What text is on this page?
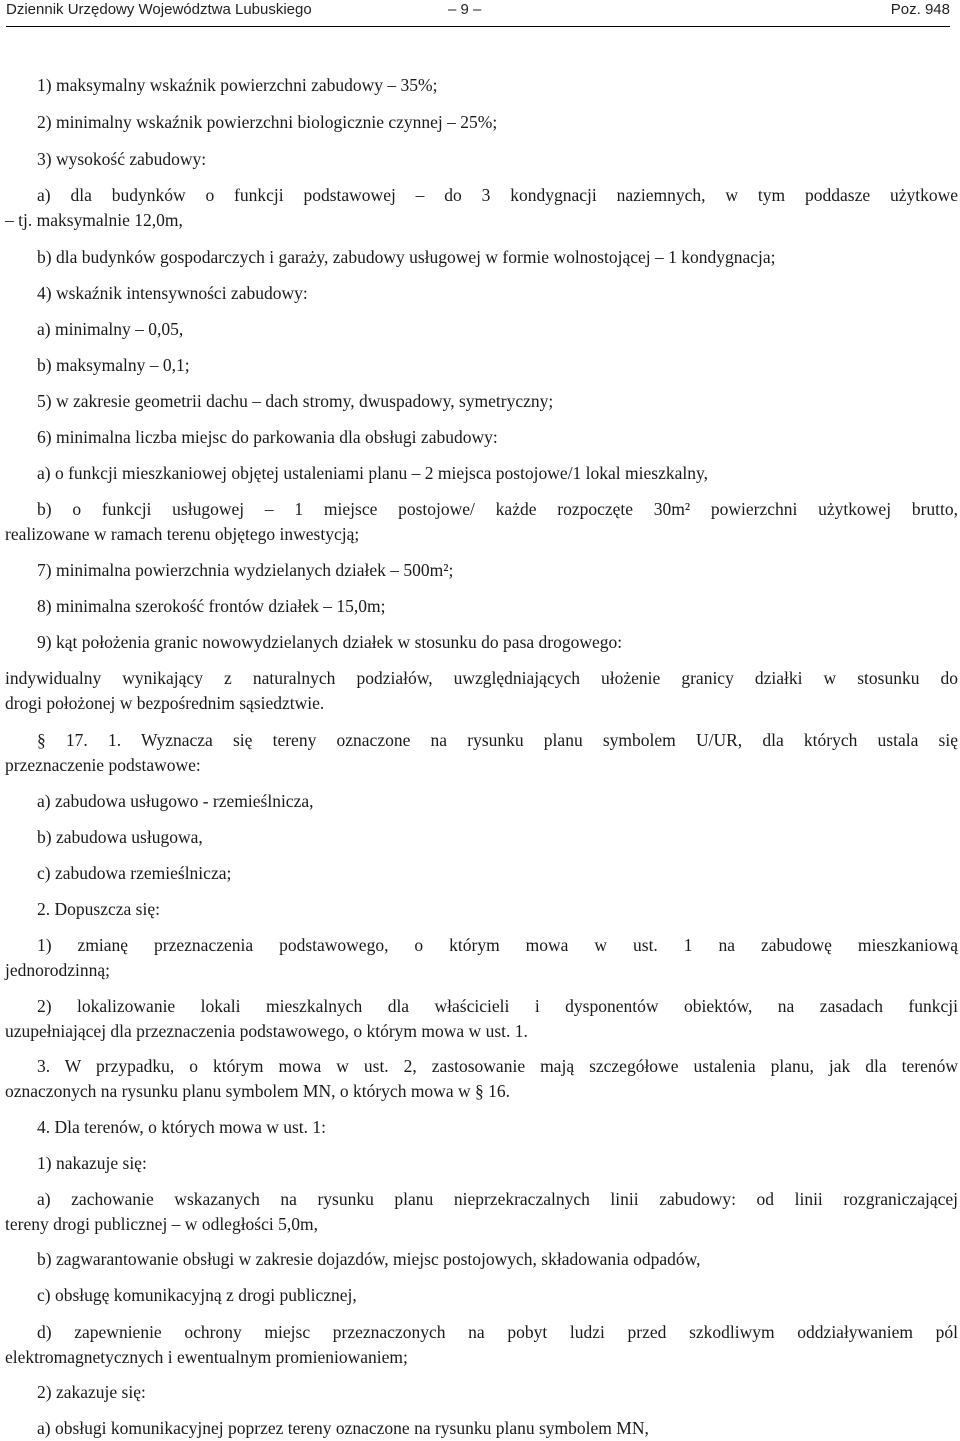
Dziennik Urzędowy Województwa Lubuskiego	– 9 –	Poz. 948

1) maksymalny wskaźnik powierzchni zabudowy – 35%;

2) minimalny wskaźnik powierzchni biologicznie czynnej – 25%;

3) wysokość zabudowy:

a) dla budynków o funkcji podstawowej – do 3 kondygnacji naziemnych, w tym poddasze użytkowe
– tj. maksymalnie 12,0m,

b) dla budynków gospodarczych i garaży, zabudowy usługowej w formie wolnostojącej – 1 kondygnacja;

4) wskaźnik intensywności zabudowy:

a) minimalny – 0,05,

b) maksymalny – 0,1;

5) w zakresie geometrii dachu – dach stromy, dwuspadowy, symetryczny;

6) minimalna liczba miejsc do parkowania dla obsługi zabudowy:

a) o funkcji mieszkaniowej objętej ustaleniami planu – 2 miejsca postojowe/1 lokal mieszkalny,

b) o funkcji usługowej – 1 miejsce postojowe/ każde rozpoczęte 30m² powierzchni użytkowej brutto,
realizowane w ramach terenu objętego inwestycją;

7) minimalna powierzchnia wydzielanych działek – 500m²;

8) minimalna szerokość frontów działek – 15,0m;

9) kąt położenia granic nowowydzielanych działek w stosunku do pasa drogowego:

indywidualny wynikający z naturalnych podziałów, uwzględniających ułożenie granicy działki w stosunku do
drogi położonej w bezpośrednim sąsiedztwie.
§ 17. 1. Wyznacza się tereny oznaczone na rysunku planu symbolem U/UR, dla których ustala się
przeznaczenie podstawowe:

a) zabudowa usługowo - rzemieślnicza,

b) zabudowa usługowa,

c) zabudowa rzemieślnicza;

2. Dopuszcza się:

1) zmianę przeznaczenia podstawowego, o którym mowa w ust. 1 na zabudowę mieszkaniową
jednorodzinną;
2) lokalizowanie lokali mieszkalnych dla właścicieli i dysponentów obiektów, na zasadach funkcji
uzupełniającej dla przeznaczenia podstawowego, o którym mowa w ust. 1.
3. W przypadku, o którym mowa w ust. 2, zastosowanie mają szczegółowe ustalenia planu, jak dla terenów
oznaczonych na rysunku planu symbolem MN, o których mowa w § 16.

4. Dla terenów, o których mowa w ust. 1:

1) nakazuje się:

a) zachowanie wskazanych na rysunku planu nieprzekraczalnych linii zabudowy: od linii rozgraniczającej
tereny drogi publicznej – w odległości 5,0m,

b) zagwarantowanie obsługi w zakresie dojazdów, miejsc postojowych, składowania odpadów,

c) obsługę komunikacyjną z drogi publicznej,

d) zapewnienie ochrony miejsc przeznaczonych na pobyt ludzi przed szkodliwym oddziaływaniem pól
elektromagnetycznych i ewentualnym promieniowaniem;

2) zakazuje się:

a) obsługi komunikacyjnej poprzez tereny oznaczone na rysunku planu symbolem MN,
